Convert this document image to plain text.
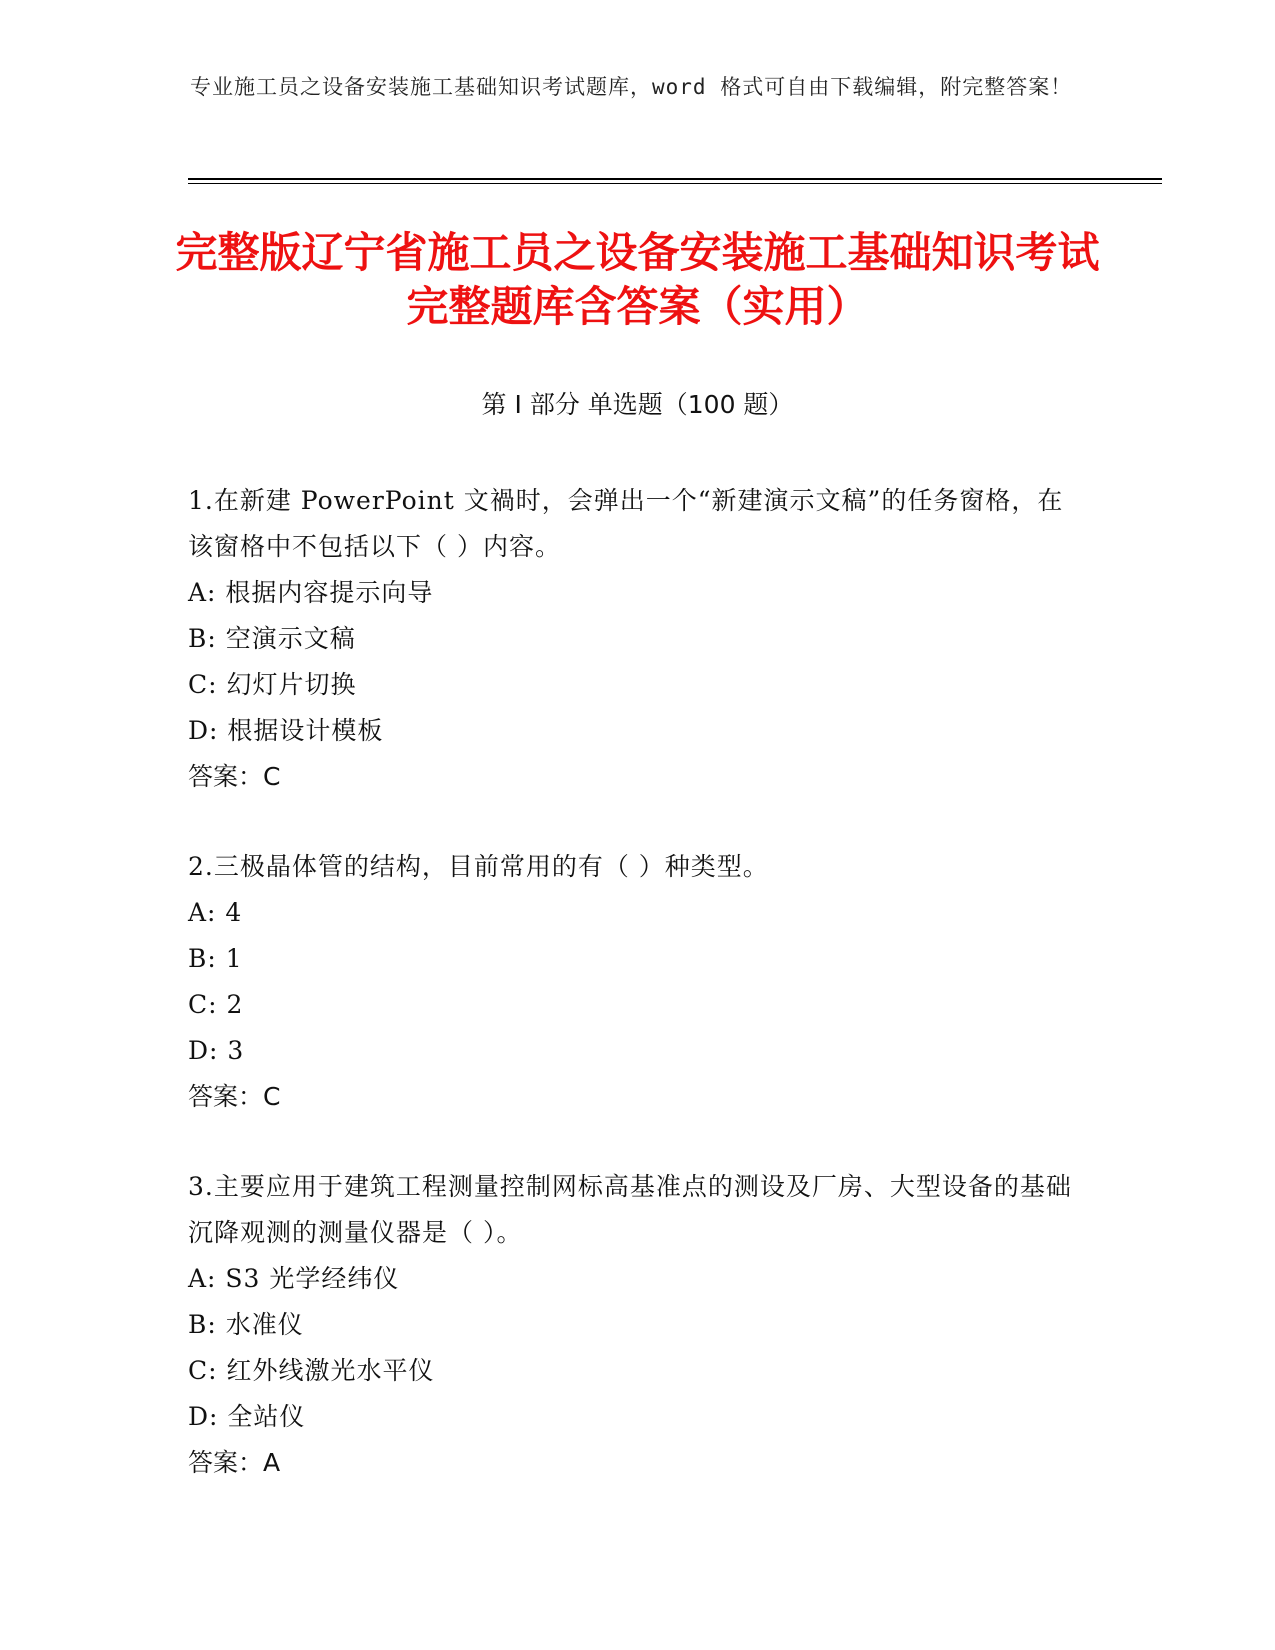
专业施工员之设备安装施工基础知识考试题库，word 格式可自由下载编辑，附完整答案！
完整版辽宁省施工员之设备安装施工基础知识考试完整题库含答案（实用）
第 I 部分 单选题（100 题）

1.在新建 PowerPoint 文禍时，会弹出一个“新建演示文稿”的任务窗格，在该窗格中不包括以下（ ）内容。

A: 根据内容提示向导

B: 空演示文稿

C: 幻灯片切换

D: 根据设计模板

答案：C

2.三极晶体管的结构，目前常用的有（ ）种类型。

A: 4

B: 1

C: 2

D: 3

答案：C

3.主要应用于建筑工程测量控制网标高基准点的测设及厂房、大型设备的基础沉降观测的测量仪器是（ ）。

A: S3 光学经纬仪

B: 水准仪

C: 红外线激光水平仪

D: 全站仪

答案：A
